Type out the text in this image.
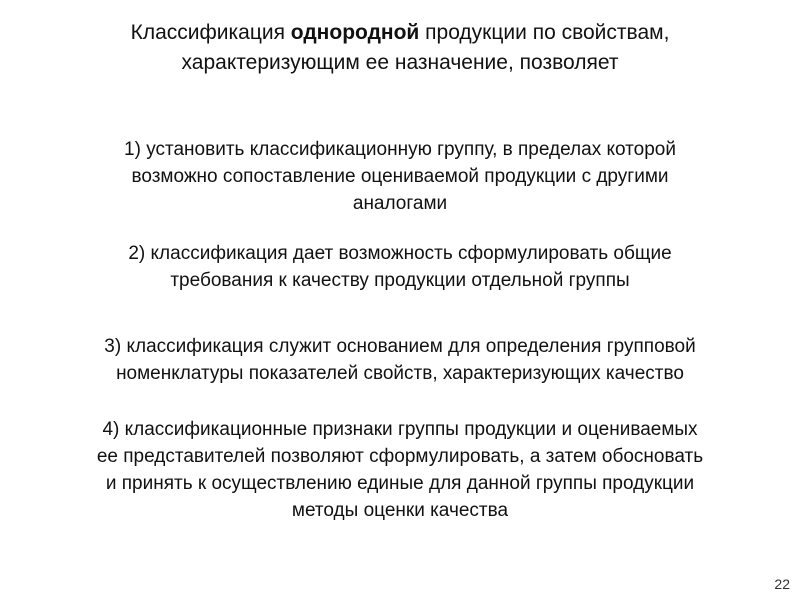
Классификация однородной продукции по свойствам,
характеризующим ее назначение, позволяет

1) установить классификационную группу, в пределах которой
возможно сопоставление оцениваемой продукции с другими
аналогами

2) классификация дает возможность сформулировать общие
требования к качеству продукции отдельной группы

3) классификация служит основанием для определения групповой
номенклатуры показателей свойств, характеризующих качество

4) классификационные признаки группы продукции и оцениваемых
ее представителей позволяют сформулировать, а затем обосновать
и принять к осуществлению единые для данной группы продукции
методы оценки качества

22
